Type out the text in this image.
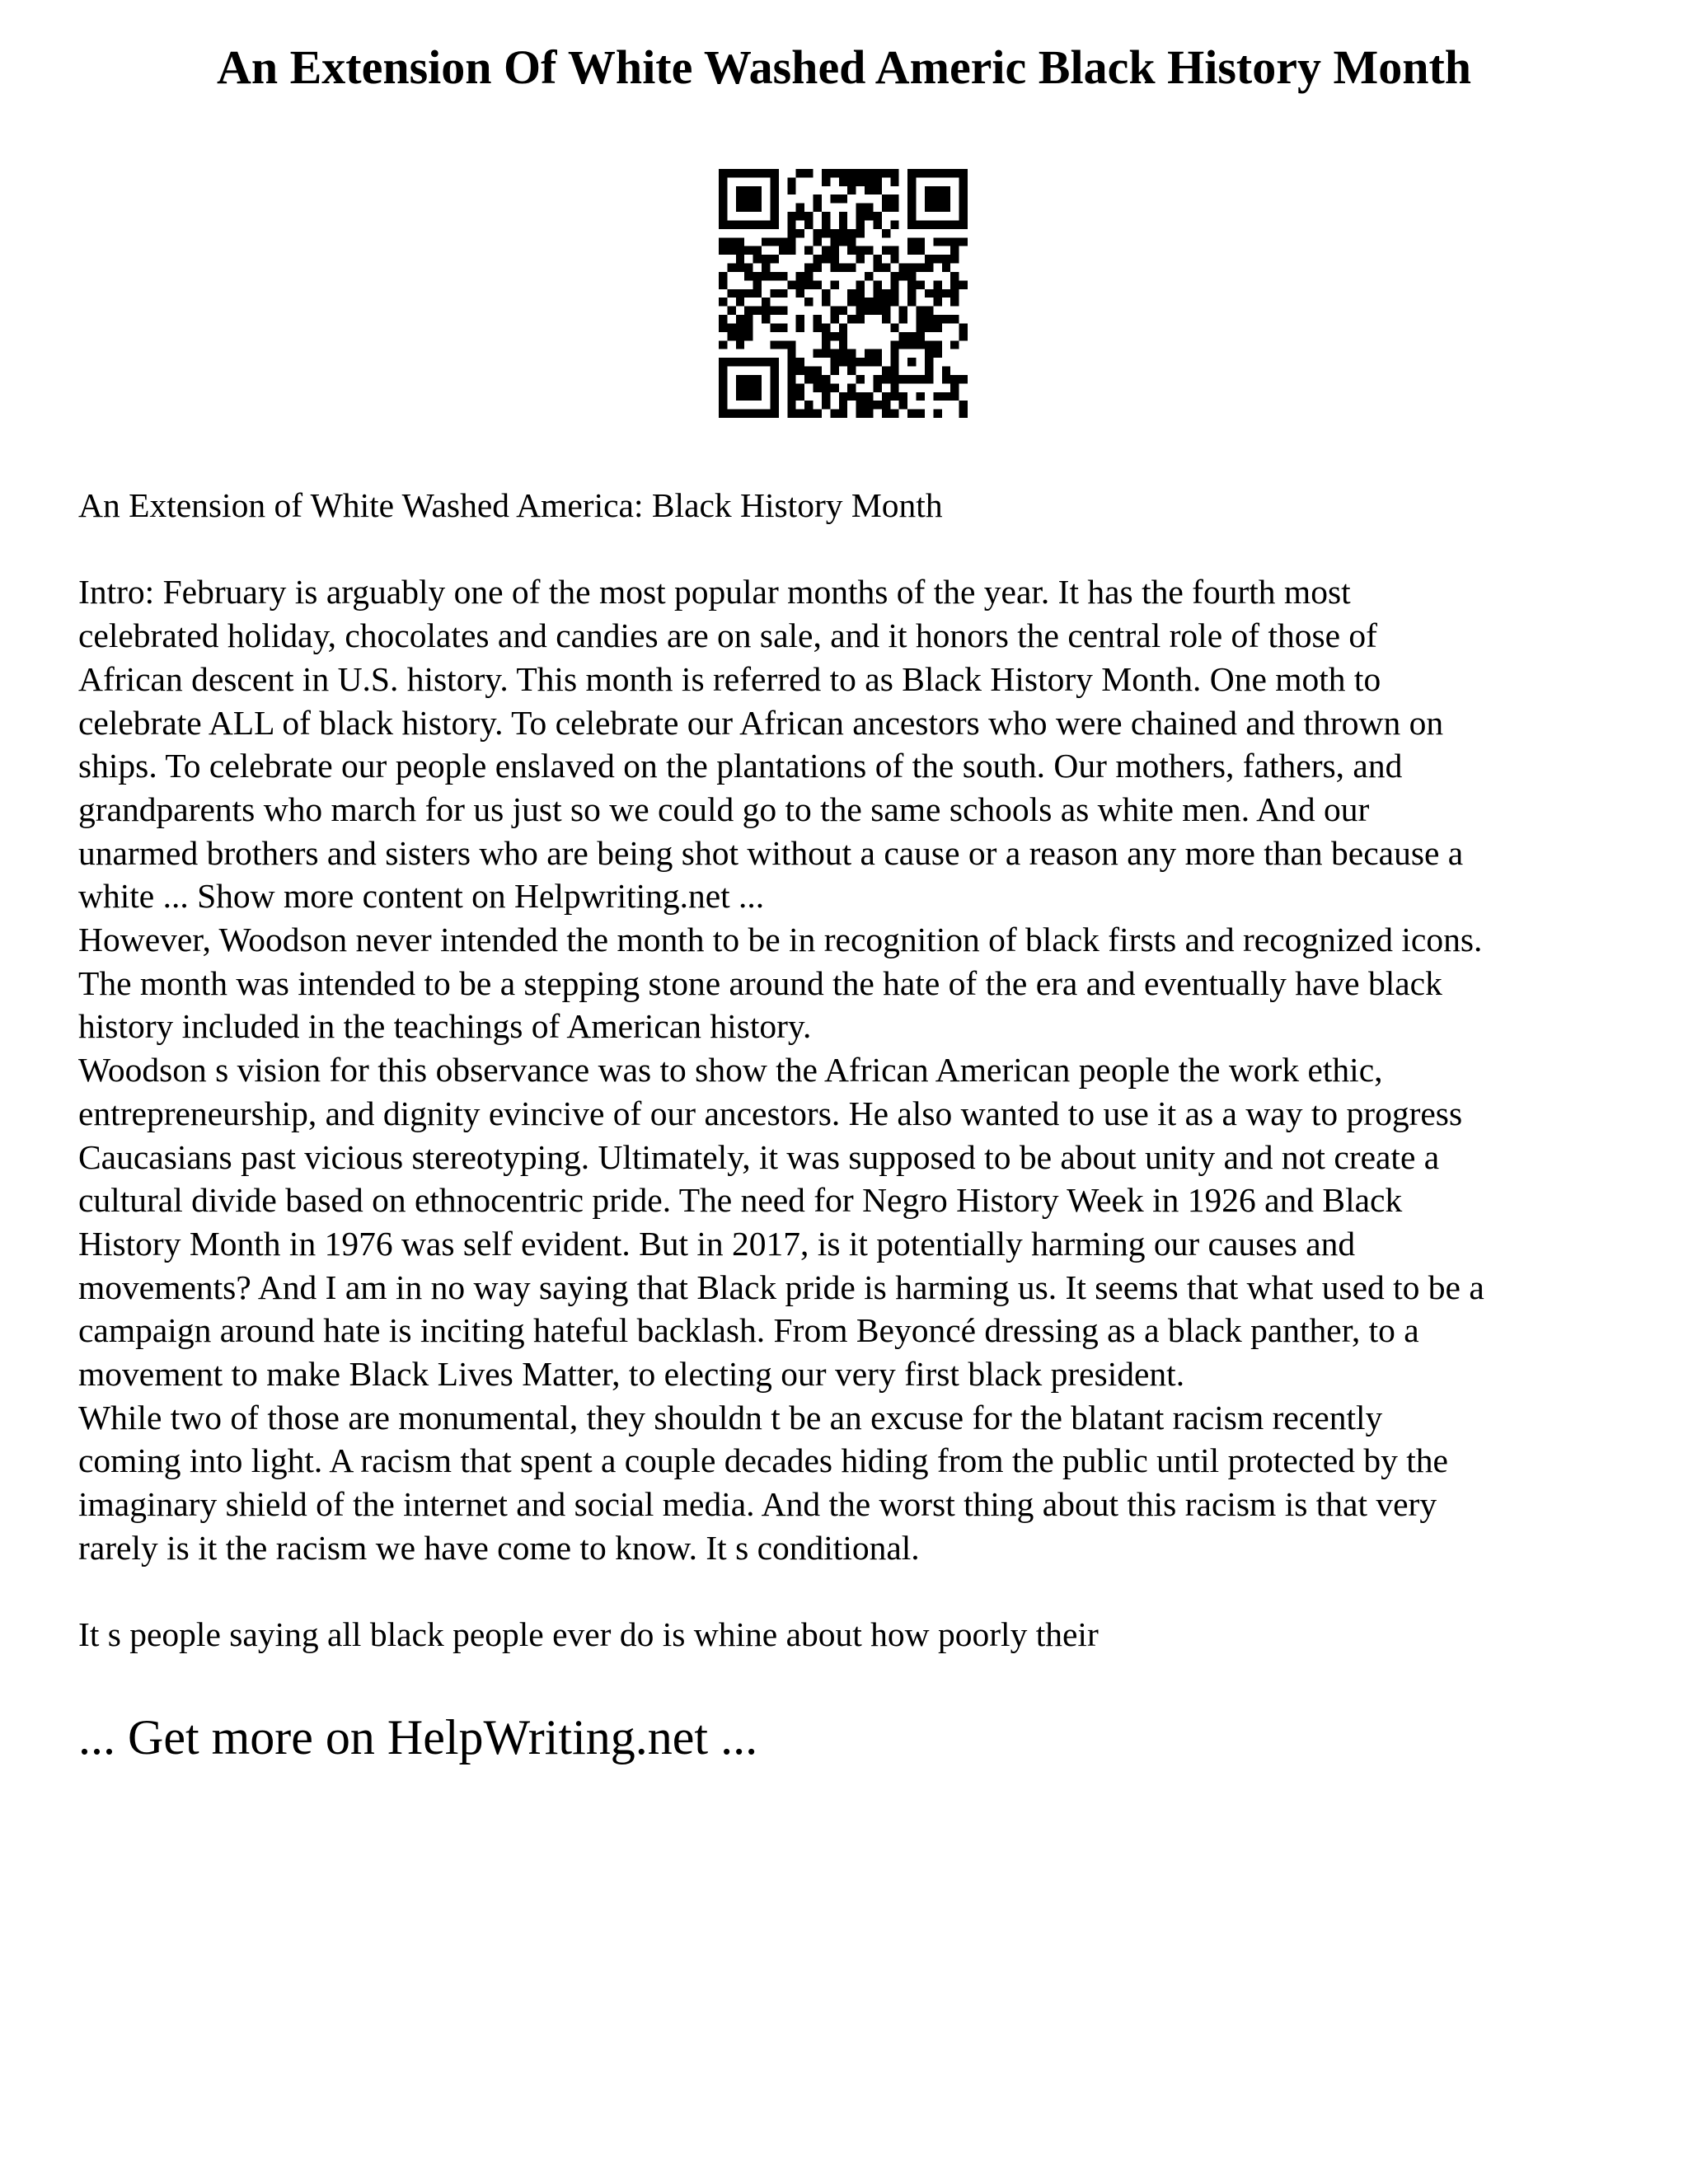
An Extension Of White Washed Americ Black History Month

An Extension of White Washed America: Black History Month

Intro: February is arguably one of the most popular months of the year. It has the fourth most
celebrated holiday, chocolates and candies are on sale, and it honors the central role of those of
African descent in U.S. history. This month is referred to as Black History Month. One moth to
celebrate ALL of black history. To celebrate our African ancestors who were chained and thrown on
ships. To celebrate our people enslaved on the plantations of the south. Our mothers, fathers, and
grandparents who march for us just so we could go to the same schools as white men. And our
unarmed brothers and sisters who are being shot without a cause or a reason any more than because a
white ... Show more content on Helpwriting.net ...

However, Woodson never intended the month to be in recognition of black firsts and recognized icons.
The month was intended to be a stepping stone around the hate of the era and eventually have black
history included in the teachings of American history.

Woodson s vision for this observance was to show the African American people the work ethic,
entrepreneurship, and dignity evincive of our ancestors. He also wanted to use it as a way to progress
Caucasians past vicious stereotyping. Ultimately, it was supposed to be about unity and not create a
cultural divide based on ethnocentric pride. The need for Negro History Week in 1926 and Black
History Month in 1976 was self evident. But in 2017, is it potentially harming our causes and
movements? And I am in no way saying that Black pride is harming us. It seems that what used to be a
campaign around hate is inciting hateful backlash. From Beyoncé dressing as a black panther, to a
movement to make Black Lives Matter, to electing our very first black president.

While two of those are monumental, they shouldn t be an excuse for the blatant racism recently
coming into light. A racism that spent a couple decades hiding from the public until protected by the
imaginary shield of the internet and social media. And the worst thing about this racism is that very
rarely is it the racism we have come to know. It s conditional.

It s people saying all black people ever do is whine about how poorly their

... Get more on HelpWriting.net ...
